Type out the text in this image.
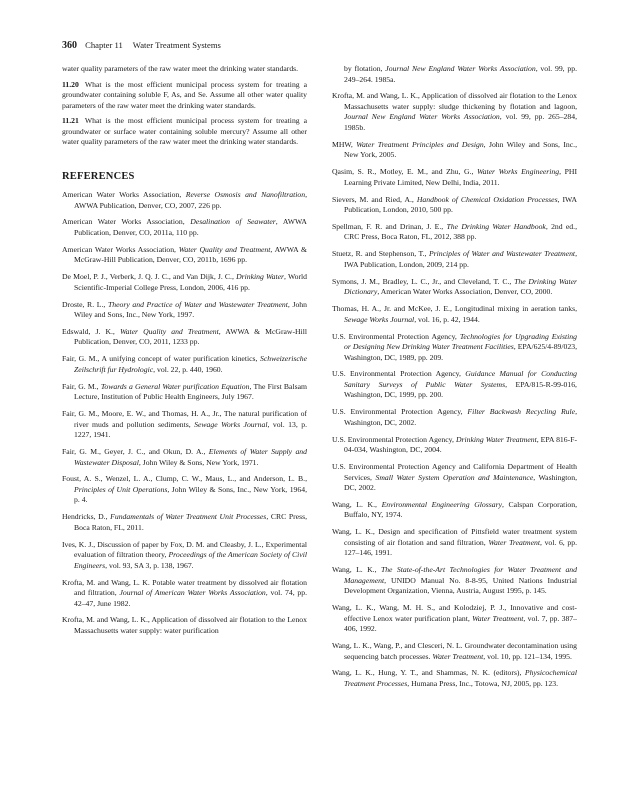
360 Chapter 11 Water Treatment Systems

water quality parameters of the raw water meet the drinking water standards.

11.20 What is the most efficient municipal process system for treating a groundwater containing soluble F, As, and Se. Assume all other water quality parameters of the raw water meet the drinking water standards.

11.21 What is the most efficient municipal process system for treating a groundwater or surface water containing soluble mercury? Assume all other water quality parameters of the raw water meet the drinking water standards.

REFERENCES

American Water Works Association, Reverse Osmosis and Nanofiltration, AWWA Publication, Denver, CO, 2007, 226 pp.

American Water Works Association, Desalination of Seawater, AWWA Publication, Denver, CO, 2011a, 110 pp.

American Water Works Association, Water Quality and Treatment, AWWA & McGraw-Hill Publication, Denver, CO, 2011b, 1696 pp.

De Moel, P. J., Verberk, J. Q. J. C., and Van Dijk, J. C., Drinking Water, World Scientific-Imperial College Press, London, 2006, 416 pp.

Droste, R. L., Theory and Practice of Water and Wastewater Treatment, John Wiley and Sons, Inc., New York, 1997.

Edswald, J. K., Water Quality and Treatment, AWWA & McGraw-Hill Publication, Denver, CO, 2011, 1233 pp.

Fair, G. M., A unifying concept of water purification kinetics, Schweizerische Zeilschrift fur Hydrologic, vol. 22, p. 440, 1960.

Fair, G. M., Towards a General Water purification Equation, The First Balsam Lecture, Institution of Public Health Engineers, July 1967.

Fair, G. M., Moore, E. W., and Thomas, H. A., Jr., The natural purification of river muds and pollution sediments, Sewage Works Journal, vol. 13, p. 1227, 1941.

Fair, G. M., Geyer, J. C., and Okun, D. A., Elements of Water Supply and Wastewater Disposal, John Wiley & Sons, New York, 1971.

Foust, A. S., Wenzel, L. A., Clump, C. W., Maus, L., and Anderson, L. B., Principles of Unit Operations, John Wiley & Sons, Inc., New York, 1964, p. 4.

Hendricks, D., Fundamentals of Water Treatment Unit Processes, CRC Press, Boca Raton, FL, 2011.

Ives, K. J., Discussion of paper by Fox, D. M. and Cleasby, J. L., Experimental evaluation of filtration theory, Proceedings of the American Society of Civil Engineers, vol. 93, SA 3, p. 138, 1967.

Krofta, M. and Wang, L. K. Potable water treatment by dissolved air flotation and filtration, Journal of American Water Works Association, vol. 74, pp. 42–47, June 1982.

Krofta, M. and Wang, L. K., Application of dissolved air flotation to the Lenox Massachusetts water supply: water purification

by flotation, Journal New England Water Works Association, vol. 99, pp. 249–264. 1985a.

Krofta, M. and Wang, L. K., Application of dissolved air flotation to the Lenox Massachusetts water supply: sludge thickening by flotation and lagoon, Journal New England Water Works Association, vol. 99, pp. 265–284, 1985b.

MHW, Water Treatment Principles and Design, John Wiley and Sons, Inc., New York, 2005.

Qasim, S. R., Motley, E. M., and Zhu, G., Water Works Engineering, PHI Learning Private Limited, New Delhi, India, 2011.

Sievers, M. and Ried, A., Handbook of Chemical Oxidation Processes, IWA Publication, London, 2010, 500 pp.

Spellman, F. R. and Drinan, J. E., The Drinking Water Handbook, 2nd ed., CRC Press, Boca Raton, FL, 2012, 388 pp.

Stuetz, R. and Stephenson, T., Principles of Water and Wastewater Treatment, IWA Publication, London, 2009, 214 pp.

Symons, J. M., Bradley, L. C., Jr., and Cleveland, T. C., The Drinking Water Dictionary, American Water Works Association, Denver, CO, 2000.

Thomas, H. A., Jr. and McKee, J. E., Longitudinal mixing in aeration tanks, Sewage Works Journal, vol. 16, p. 42, 1944.

U.S. Environmental Protection Agency, Technologies for Upgrading Existing or Designing New Drinking Water Treatment Facilities, EPA/625/4-89/023, Washington, DC, 1989, pp. 209.

U.S. Environmental Protection Agency, Guidance Manual for Conducting Sanitary Surveys of Public Water Systems, EPA/815-R-99-016, Washington, DC, 1999, pp. 200.

U.S. Environmental Protection Agency, Filter Backwash Recycling Rule, Washington, DC, 2002.

U.S. Environmental Protection Agency, Drinking Water Treatment, EPA 816-F-04-034, Washington, DC, 2004.

U.S. Environmental Protection Agency and California Department of Health Services, Small Water System Operation and Maintenance, Washington, DC, 2002.

Wang, L. K., Environmental Engineering Glossary, Calspan Corporation, Buffalo, NY, 1974.

Wang, L. K., Design and specification of Pittsfield water treatment system consisting of air flotation and sand filtration, Water Treatment, vol. 6, pp. 127–146, 1991.

Wang, L. K., The State-of-the-Art Technologies for Water Treatment and Management, UNIDO Manual No. 8-8-95, United Nations Industrial Development Organization, Vienna, Austria, August 1995, p. 145.

Wang, L. K., Wang, M. H. S., and Kolodziej, P. J., Innovative and cost-effective Lenox water purification plant, Water Treatment, vol. 7, pp. 387–406, 1992.

Wang, L. K., Wang, P., and Clesceri, N. L. Groundwater decontamination using sequencing batch processes. Water Treatment, vol. 10, pp. 121–134, 1995.

Wang, L. K., Hung, Y. T., and Shammas, N. K. (editors), Physicochemical Treatment Processes, Humana Press, Inc., Totowa, NJ, 2005, pp. 123.
